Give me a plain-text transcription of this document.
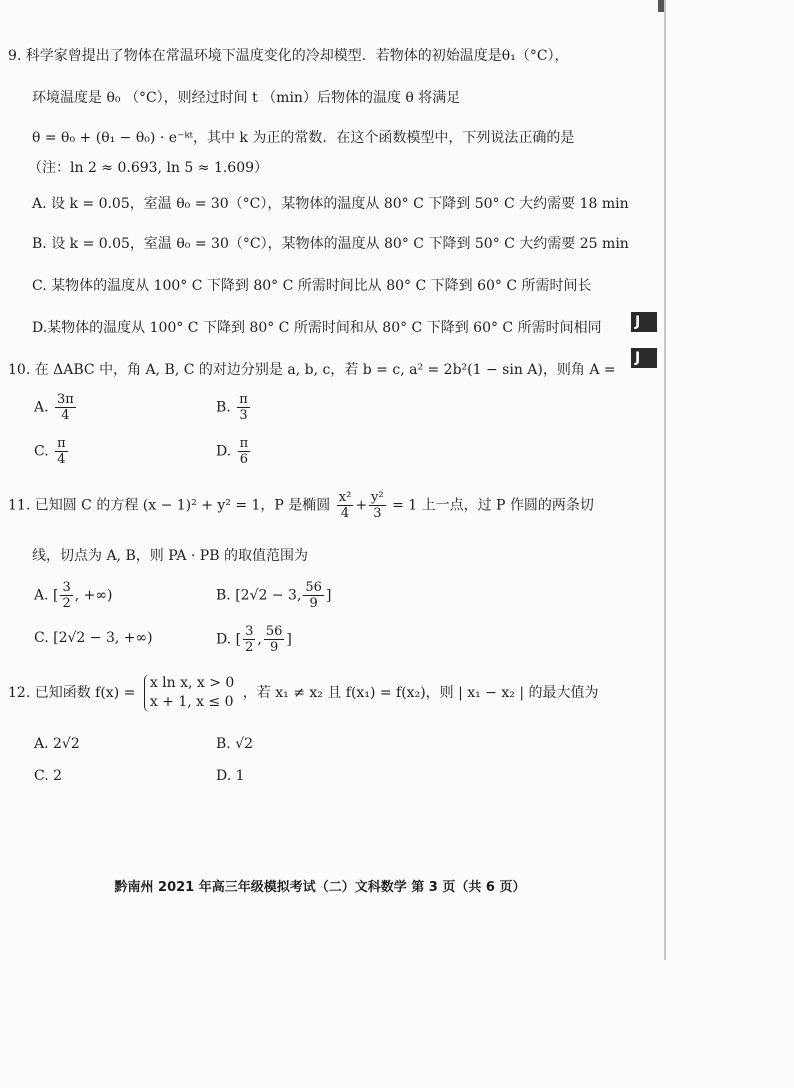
9. 科学家曾提出了物体在常温环境下温度变化的冷却模型．若物体的初始温度是θ₁（°C），
环境温度是 θ₀ （°C），则经过时间 t （min）后物体的温度 θ 将满足
θ = θ₀ + (θ₁ − θ₀) · e⁻ᵏᵗ，其中 k 为正的常数．在这个函数模型中，下列说法正确的是
（注：ln 2 ≈ 0.693, ln 5 ≈ 1.609）
A. 设 k = 0.05，室温 θ₀ = 30（°C），某物体的温度从 80° C 下降到 50° C 大约需要 18 min
B. 设 k = 0.05，室温 θ₀ = 30（°C），某物体的温度从 80° C 下降到 50° C 大约需要 25 min
C. 某物体的温度从 100° C 下降到 80° C 所需时间比从 80° C 下降到 60° C 所需时间长
D.某物体的温度从 100° C 下降到 80° C 所需时间和从 80° C 下降到 60° C 所需时间相同
10. 在 ΔABC 中，角 A, B, C 的对边分别是 a, b, c，若 b = c, a² = 2b²(1 − sin A)，则角 A =
A. $\frac{3\pi}{4}$	B. $\frac{\pi}{3}$
C. $\frac{\pi}{4}$	D. $\frac{\pi}{6}$
11. 已知圆 C 的方程 (x − 1)² + y² = 1，P 是椭圆 $\frac{\text{x²}}{4} + \frac{\text{y²}}{3} = 1$ 上一点，过 P 作圆的两条切
线，切点为 A, B，则 PA · PB 的取值范围为
A. [ $\frac{3}{2}$ , +∞)	B. [2√2 − 3, $\frac{56}{9}$ ]
C. [2√2 − 3, +∞)	D. [ $\frac{3}{2}$ , $\frac{56}{9}$ ]
12. 已知函数 f(x) =
x ln x, x > 0
x + 1, x ≤ 0
，若 x₁ ≠ x₂ 且 f(x₁) = f(x₂)，则 | x₁ − x₂ | 的最大值为
A. 2√2	B. √2
C. 2	D. 1
J
J
黔南州 2021 年高三年级模拟考试（二）文科数学 第 3 页（共 6 页）
